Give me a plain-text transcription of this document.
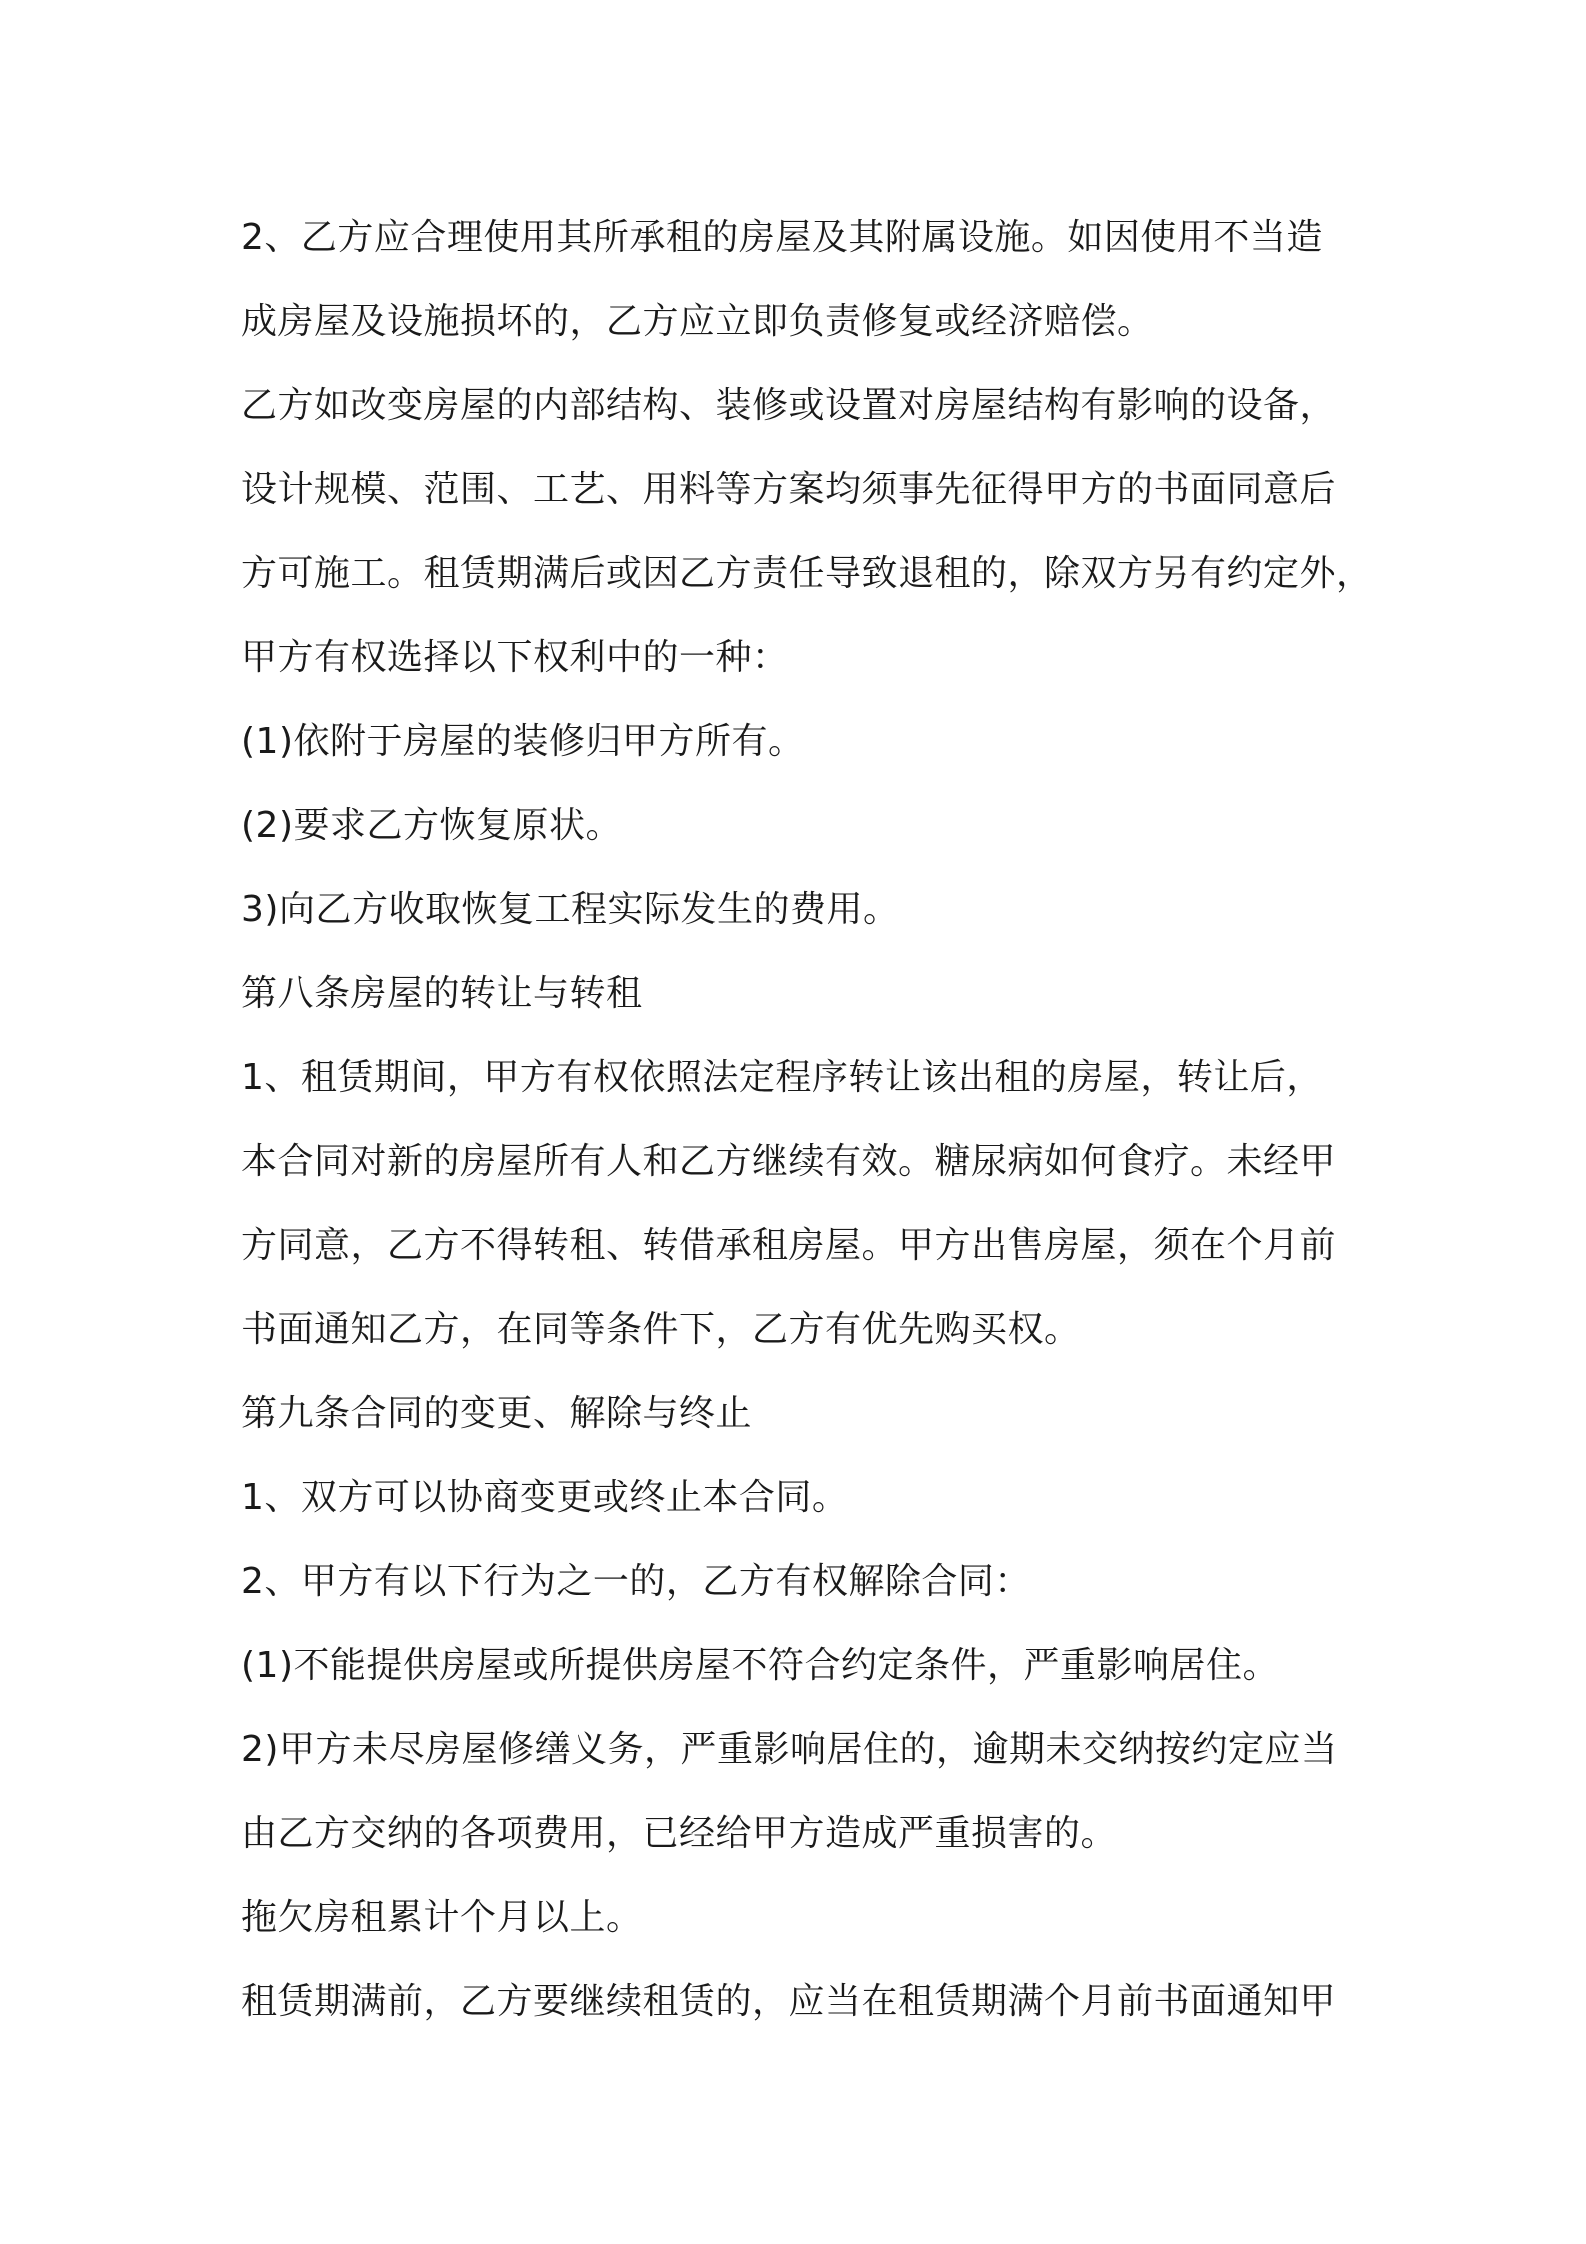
2、乙方应合理使用其所承租的房屋及其附属设施。如因使用不当造
成房屋及设施损坏的，乙方应立即负责修复或经济赔偿。
乙方如改变房屋的内部结构、装修或设置对房屋结构有影响的设备，
设计规模、范围、工艺、用料等方案均须事先征得甲方的书面同意后
方可施工。租赁期满后或因乙方责任导致退租的，除双方另有约定外，
甲方有权选择以下权利中的一种：
(1)依附于房屋的装修归甲方所有。
(2)要求乙方恢复原状。
3)向乙方收取恢复工程实际发生的费用。
第八条房屋的转让与转租
1、租赁期间，甲方有权依照法定程序转让该出租的房屋，转让后，
本合同对新的房屋所有人和乙方继续有效。糖尿病如何食疗。未经甲
方同意，乙方不得转租、转借承租房屋。甲方出售房屋，须在个月前
书面通知乙方，在同等条件下，乙方有优先购买权。
第九条合同的变更、解除与终止
1、双方可以协商变更或终止本合同。
2、甲方有以下行为之一的，乙方有权解除合同：
(1)不能提供房屋或所提供房屋不符合约定条件，严重影响居住。
2)甲方未尽房屋修缮义务，严重影响居住的，逾期未交纳按约定应当
由乙方交纳的各项费用，已经给甲方造成严重损害的。
拖欠房租累计个月以上。
租赁期满前，乙方要继续租赁的，应当在租赁期满个月前书面通知甲
